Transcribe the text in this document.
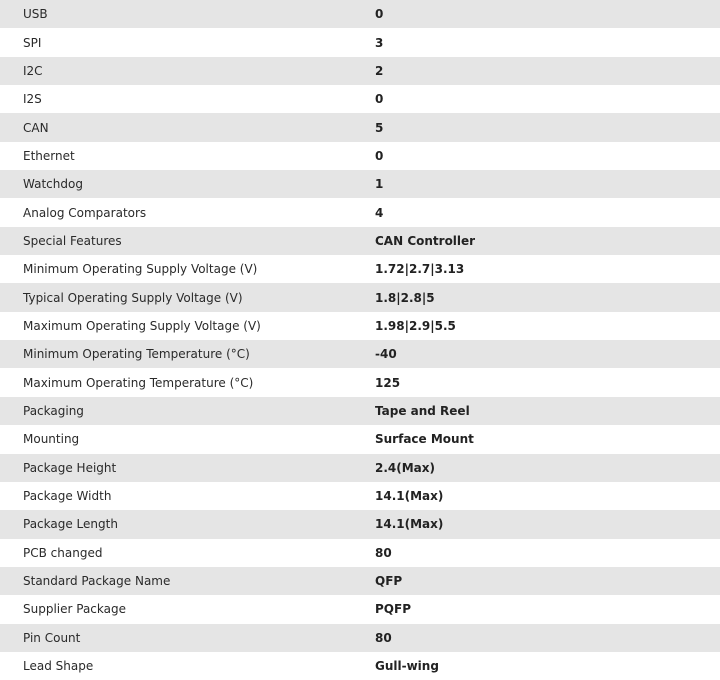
USB	0
SPI	3
I2C	2
I2S	0
CAN	5
Ethernet	0
Watchdog	1
Analog Comparators	4
Special Features	CAN Controller
Minimum Operating Supply Voltage (V)	1.72|2.7|3.13
Typical Operating Supply Voltage (V)	1.8|2.8|5
Maximum Operating Supply Voltage (V)	1.98|2.9|5.5
Minimum Operating Temperature (°C)	-40
Maximum Operating Temperature (°C)	125
Packaging	Tape and Reel
Mounting	Surface Mount
Package Height	2.4(Max)
Package Width	14.1(Max)
Package Length	14.1(Max)
PCB changed	80
Standard Package Name	QFP
Supplier Package	PQFP
Pin Count	80
Lead Shape	Gull-wing
